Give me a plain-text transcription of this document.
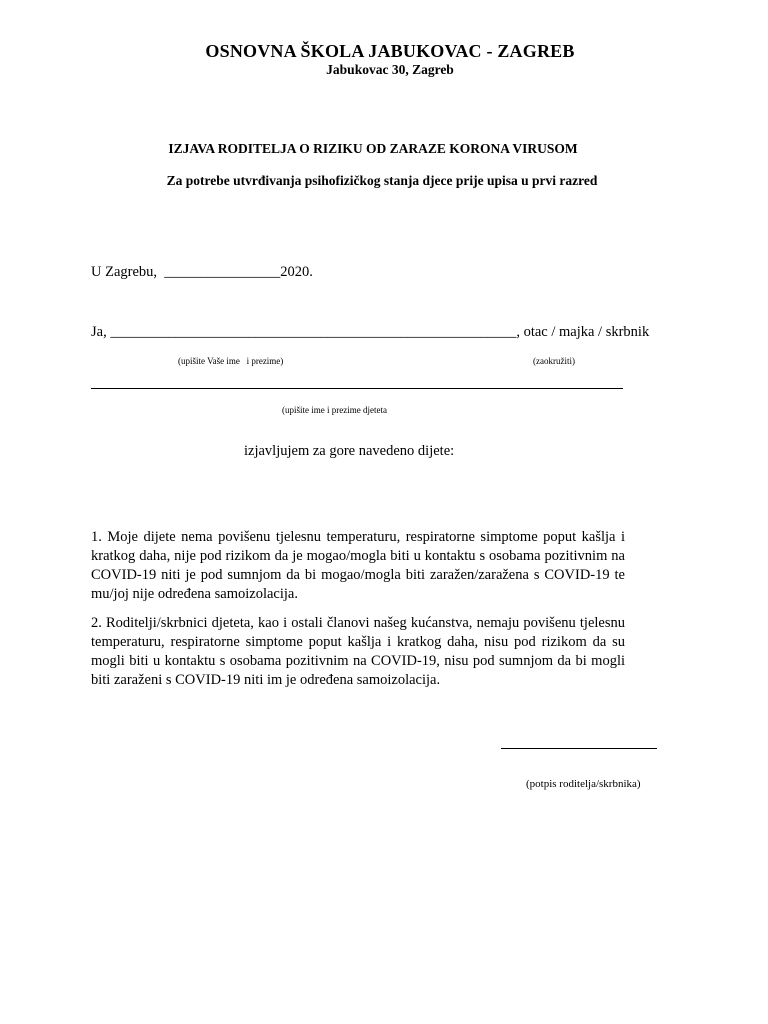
OSNOVNA ŠKOLA JABUKOVAC - ZAGREB
Jabukovac 30, Zagreb
IZJAVA RODITELJA O RIZIKU OD ZARAZE KORONA VIRUSOM
Za potrebe utvrđivanja psihofizičkog stanja djece prije upisa u prvi razred
U Zagrebu,  ________________2020.
Ja, ________________________________________________________, otac / majka / skrbnik
(upišite Vaše ime   i prezime)	(zaokružiti)
(upišite ime i prezime djeteta
izjavljujem za gore navedeno dijete:

1. Moje dijete nema povišenu tjelesnu temperaturu, respiratorne simptome poput kašlja i kratkog daha, nije pod rizikom da je mogao/mogla biti u kontaktu s osobama pozitivnim na COVID-19 niti je pod sumnjom da bi mogao/mogla biti zaražen/zaražena s COVID-19 te mu/joj nije određena samoizolacija.

2. Roditelji/skrbnici djeteta, kao i ostali članovi našeg kućanstva, nemaju povišenu tjelesnu temperaturu, respiratorne simptome poput kašlja i kratkog daha, nisu pod rizikom da su mogli biti u kontaktu s osobama pozitivnim na COVID-19, nisu pod sumnjom da bi mogli biti zaraženi s COVID-19 niti im je određena samoizolacija.

(potpis roditelja/skrbnika)
